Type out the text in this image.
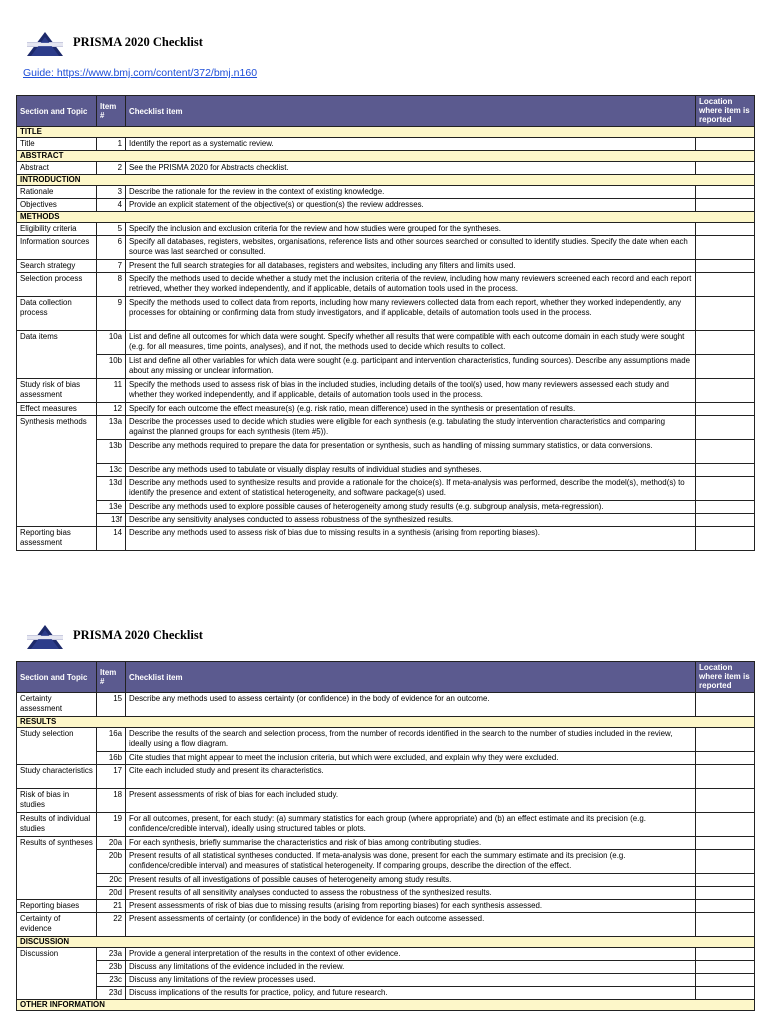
PRISMA 2020 Checklist
Guide: https://www.bmj.com/content/372/bmj.n160
Section and Topic	Item #	Checklist item	Location where item is reported
TITLE			
Title	1	Identify the report as a systematic review.	
ABSTRACT			
Abstract	2	See the PRISMA 2020 for Abstracts checklist.	
INTRODUCTION			
Rationale	3	Describe the rationale for the review in the context of existing knowledge.	
Objectives	4	Provide an explicit statement of the objective(s) or question(s) the review addresses.	
METHODS			
Eligibility criteria	5	Specify the inclusion and exclusion criteria for the review and how studies were grouped for the syntheses.	
Information sources	6	Specify all databases, registers, websites, organisations, reference lists and other sources searched or consulted to identify studies. Specify the date when each source was last searched or consulted.	
Search strategy	7	Present the full search strategies for all databases, registers and websites, including any filters and limits used.	
Selection process	8	Specify the methods used to decide whether a study met the inclusion criteria of the review, including how many reviewers screened each record and each report retrieved, whether they worked independently, and if applicable, details of automation tools used in the process.	
Data collection process	9	Specify the methods used to collect data from reports, including how many reviewers collected data from each report, whether they worked independently, any processes for obtaining or confirming data from study investigators, and if applicable, details of automation tools used in the process.	
Data items	10a	List and define all outcomes for which data were sought. Specify whether all results that were compatible with each outcome domain in each study were sought (e.g. for all measures, time points, analyses), and if not, the methods used to decide which results to collect.	
	10b	List and define all other variables for which data were sought (e.g. participant and intervention characteristics, funding sources). Describe any assumptions made about any missing or unclear information.	
Study risk of bias assessment	11	Specify the methods used to assess risk of bias in the included studies, including details of the tool(s) used, how many reviewers assessed each study and whether they worked independently, and if applicable, details of automation tools used in the process.	
Effect measures	12	Specify for each outcome the effect measure(s) (e.g. risk ratio, mean difference) used in the synthesis or presentation of results.	
Synthesis methods	13a	Describe the processes used to decide which studies were eligible for each synthesis (e.g. tabulating the study intervention characteristics and comparing against the planned groups for each synthesis (item #5)).	
	13b	Describe any methods required to prepare the data for presentation or synthesis, such as handling of missing summary statistics, or data conversions.	
	13c	Describe any methods used to tabulate or visually display results of individual studies and syntheses.	
	13d	Describe any methods used to synthesize results and provide a rationale for the choice(s). If meta-analysis was performed, describe the model(s), method(s) to identify the presence and extent of statistical heterogeneity, and software package(s) used.	
	13e	Describe any methods used to explore possible causes of heterogeneity among study results (e.g. subgroup analysis, meta-regression).	
	13f	Describe any sensitivity analyses conducted to assess robustness of the synthesized results.	
Reporting bias assessment	14	Describe any methods used to assess risk of bias due to missing results in a synthesis (arising from reporting biases).	
PRISMA 2020 Checklist
Section and Topic	Item #	Checklist item	Location where item is reported
Certainty assessment	15	Describe any methods used to assess certainty (or confidence) in the body of evidence for an outcome.	
RESULTS			
Study selection	16a	Describe the results of the search and selection process, from the number of records identified in the search to the number of studies included in the review, ideally using a flow diagram.	
	16b	Cite studies that might appear to meet the inclusion criteria, but which were excluded, and explain why they were excluded.	
Study characteristics	17	Cite each included study and present its characteristics.	
Risk of bias in studies	18	Present assessments of risk of bias for each included study.	
Results of individual studies	19	For all outcomes, present, for each study: (a) summary statistics for each group (where appropriate) and (b) an effect estimate and its precision (e.g. confidence/credible interval), ideally using structured tables or plots.	
Results of syntheses	20a	For each synthesis, briefly summarise the characteristics and risk of bias among contributing studies.	
	20b	Present results of all statistical syntheses conducted. If meta-analysis was done, present for each the summary estimate and its precision (e.g. confidence/credible interval) and measures of statistical heterogeneity. If comparing groups, describe the direction of the effect.	
	20c	Present results of all investigations of possible causes of heterogeneity among study results.	
	20d	Present results of all sensitivity analyses conducted to assess the robustness of the synthesized results.	
Reporting biases	21	Present assessments of risk of bias due to missing results (arising from reporting biases) for each synthesis assessed.	
Certainty of evidence	22	Present assessments of certainty (or confidence) in the body of evidence for each outcome assessed.	
DISCUSSION			
Discussion	23a	Provide a general interpretation of the results in the context of other evidence.	
	23b	Discuss any limitations of the evidence included in the review.	
	23c	Discuss any limitations of the review processes used.	
	23d	Discuss implications of the results for practice, policy, and future research.	
OTHER INFORMATION			
